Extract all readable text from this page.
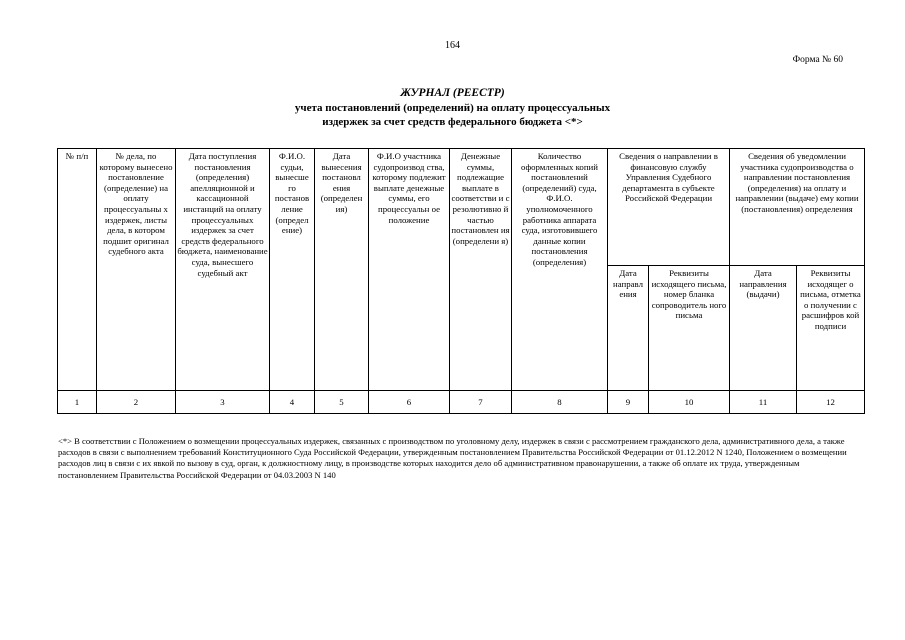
164
Форма № 60
ЖУРНАЛ (РЕЕСТР)
учета постановлений (определений) на оплату процессуальных
издержек за счет средств федерального бюджета <*>
№ п/п	№ дела, по которому вынесено постановление (определение) на оплату процессуальны х издержек, листы дела, в котором подшит оригинал судебного акта	Дата поступления постановления (определения) апелляционной и кассационной инстанций на оплату процессуальных издержек за счет средств федерального бюджета, наименование суда, вынесшего судебный акт	Ф.И.О. судьи, вынесше го постанов ление (определ ение)	Дата вынесения постановл ения (определен ия)	Ф.И.О участника судопроизвод ства, которому подлежит выплате денежные суммы, его процессуальн ое положение	Денежные суммы, подлежащие выплате в соответстви и с резолютивно й частью постановлен ия (определени я)	Количество оформленных копий постановлений (определений) суда, Ф.И.О. уполномоченного работника аппарата суда, изготовившего данные копии постановления (определения)	Сведения о направлении в финансовую службу Управления Судебного департамента в субъекте Российской Федерации		Сведения об уведомлении участника судопроизводства о направлении постановления (определения) на оплату и направлении (выдаче) ему копии (постановления) определения	
								Дата направл ения	Реквизиты исходящего письма, номер бланка сопроводитель ного письма	Дата направления (выдачи)	Реквизиты исходящег о письма, отметка о получении с расшифров кой подписи
1	2	3	4	5	6	7	8	9	10	11	12
<*> В соответствии с Положением о возмещении процессуальных издержек, связанных с производством по уголовному делу, издержек в связи с рассмотрением гражданского дела, административного дела, а также расходов в связи с выполнением требований Конституционного Суда Российской Федерации, утвержденным постановлением Правительства Российской Федерации от 01.12.2012 N 1240, Положением о возмещении расходов лиц в связи с их явкой по вызову в суд, орган, к должностному лицу, в производстве которых находится дело об административном правонарушении, а также об оплате их труда, утвержденным постановлением Правительства Российской Федерации от 04.03.2003 N 140
